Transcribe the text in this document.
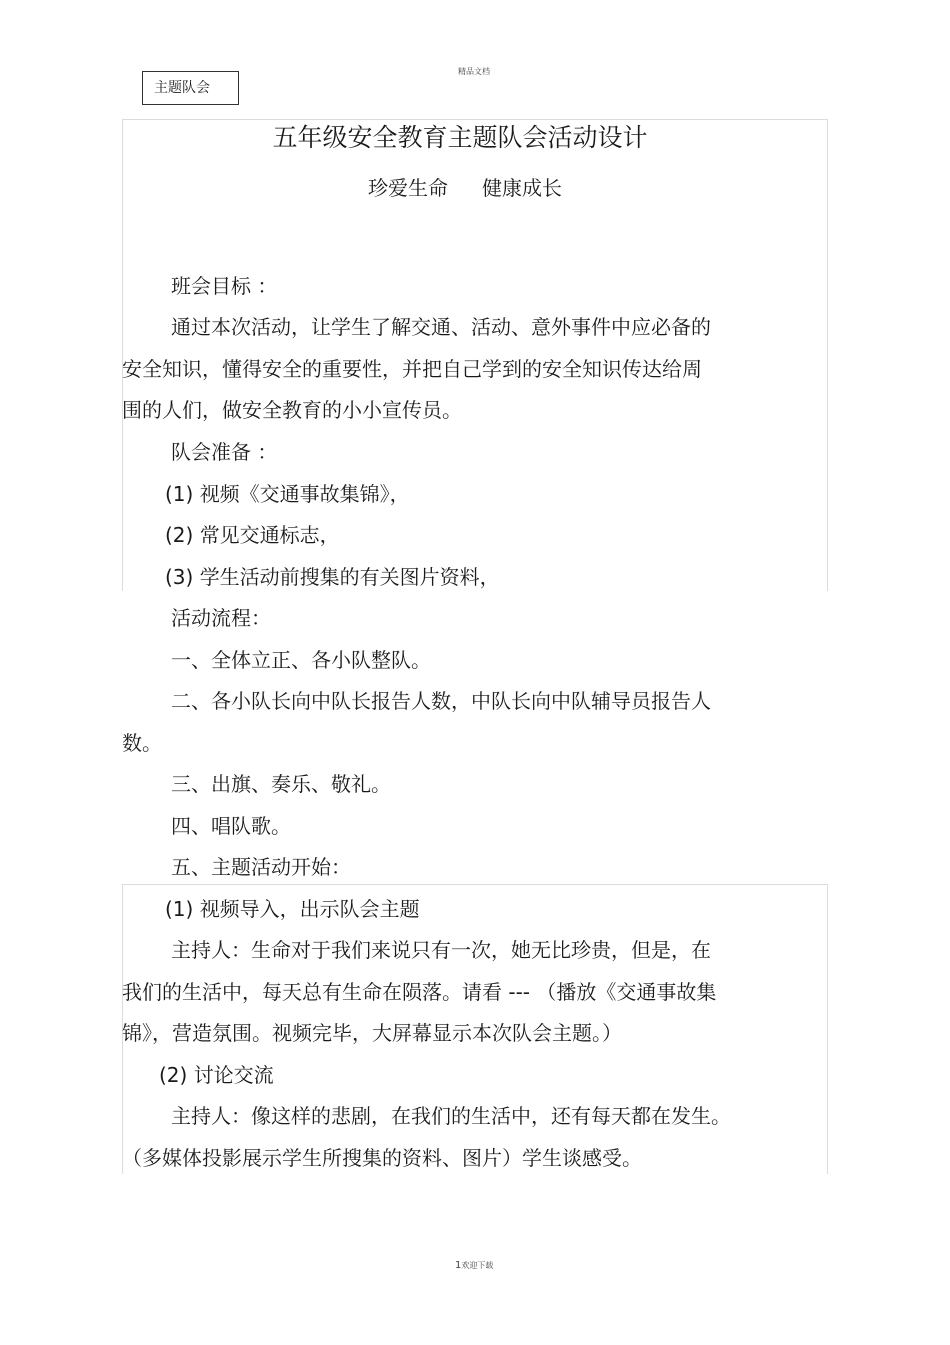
精品文档
主题队会
五年级安全教育主题队会活动设计
珍爱生命 健康成长
班会目标 ：
通过本次活动，让学生了解交通、活动、意外事件中应必备的
安全知识，懂得安全的重要性，并把自己学到的安全知识传达给周
围的人们，做安全教育的小小宣传员。
队会准备 ：
(1) 视频《交通事故集锦》，
(2) 常见交通标志，
(3) 学生活动前搜集的有关图片资料，
活动流程：
一、全体立正、各小队整队。
二、各小队长向中队长报告人数，中队长向中队辅导员报告人
数。
三、出旗、奏乐、敬礼。
四、唱队歌。
五、主题活动开始：
(1) 视频导入，出示队会主题
主持人：生命对于我们来说只有一次，她无比珍贵，但是，在
我们的生活中，每天总有生命在陨落。请看 --- （播放《交通事故集
锦》，营造氛围。视频完毕，大屏幕显示本次队会主题。）
(2) 讨论交流
主持人：像这样的悲剧，在我们的生活中，还有每天都在发生。
（多媒体投影展示学生所搜集的资料、图片）学生谈感受。
1欢迎下载
